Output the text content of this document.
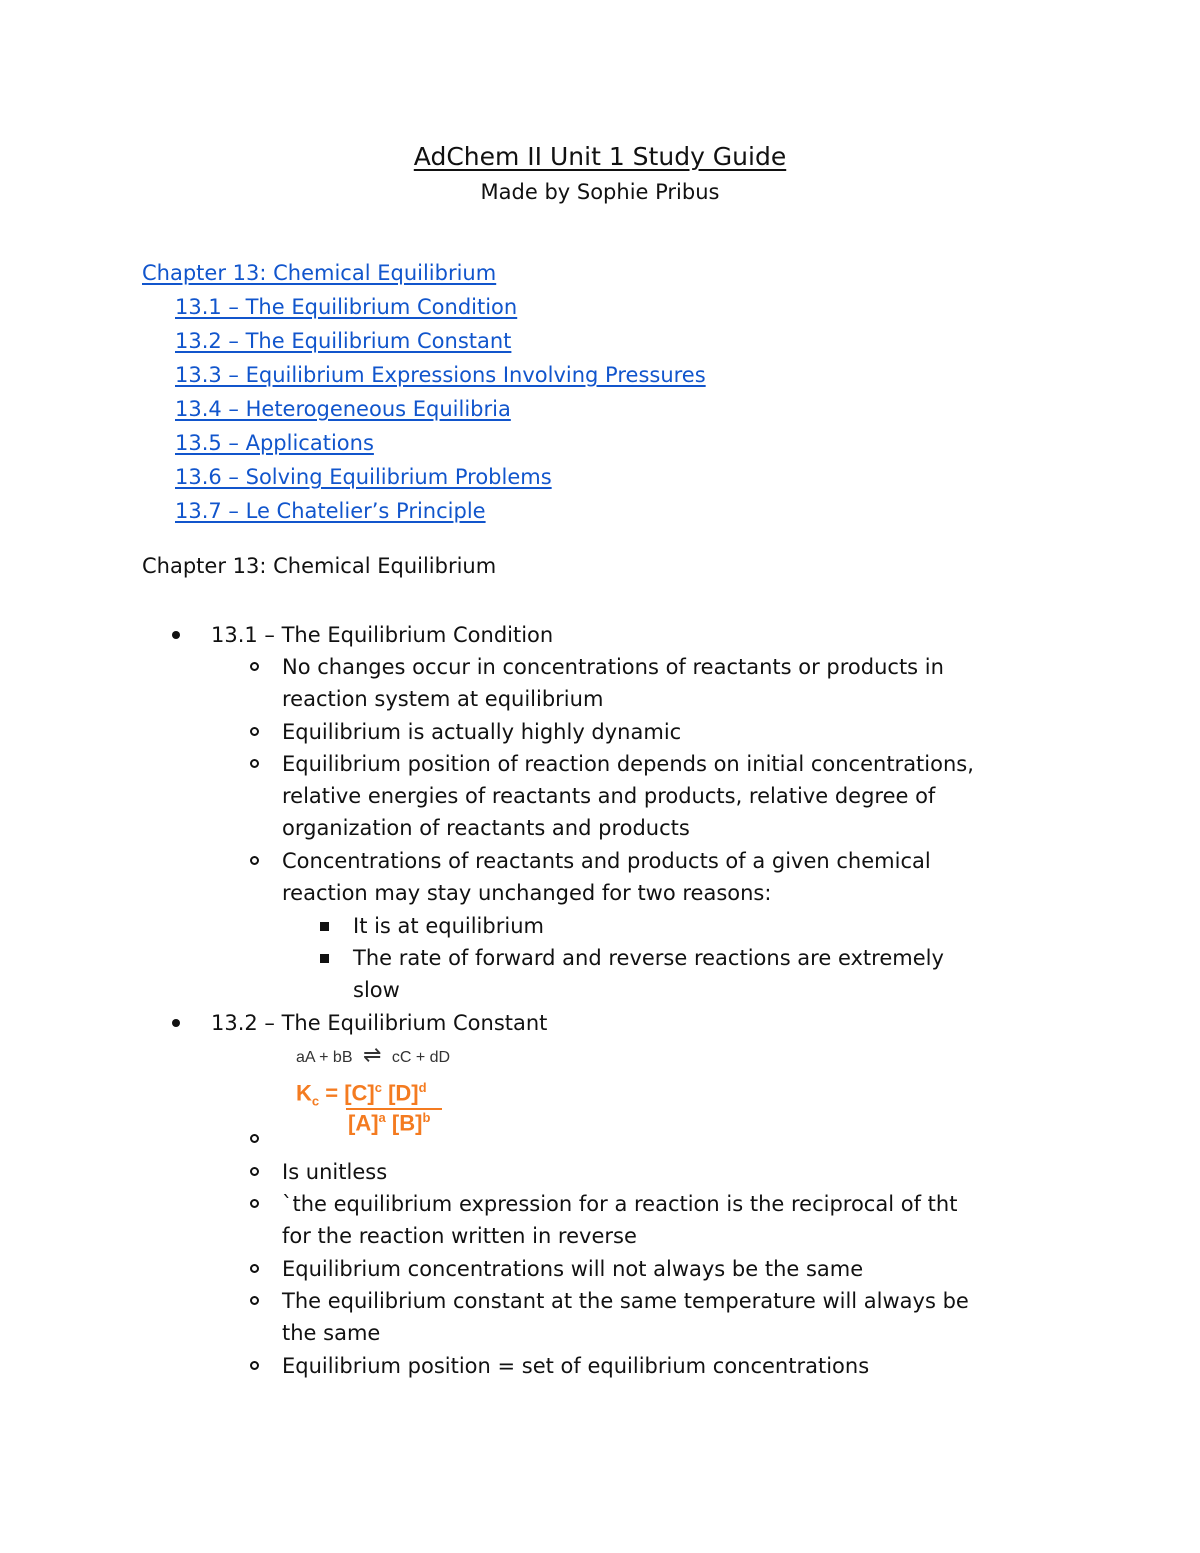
AdChem II Unit 1 Study Guide
Made by Sophie Pribus
Chapter 13: Chemical Equilibrium
13.1 – The Equilibrium Condition
13.2 – The Equilibrium Constant
13.3 – Equilibrium Expressions Involving Pressures
13.4 – Heterogeneous Equilibria
13.5 – Applications
13.6 – Solving Equilibrium Problems
13.7 – Le Chatelier’s Principle
Chapter 13: Chemical Equilibrium
13.1 – The Equilibrium Condition
No changes occur in concentrations of reactants or products in
reaction system at equilibrium
Equilibrium is actually highly dynamic
Equilibrium position of reaction depends on initial concentrations,
relative energies of reactants and products, relative degree of
organization of reactants and products
Concentrations of reactants and products of a given chemical
reaction may stay unchanged for two reasons:
It is at equilibrium
The rate of forward and reverse reactions are extremely
slow
13.2 – The Equilibrium Constant
aA + bB ⇌ cC + dD
$K_c = [C]^c$ $[D]^d$
$[A]^a$ $[B]^b$
Is unitless
`the equilibrium expression for a reaction is the reciprocal of tht
for the reaction written in reverse
Equilibrium concentrations will not always be the same
The equilibrium constant at the same temperature will always be
the same
Equilibrium position = set of equilibrium concentrations
